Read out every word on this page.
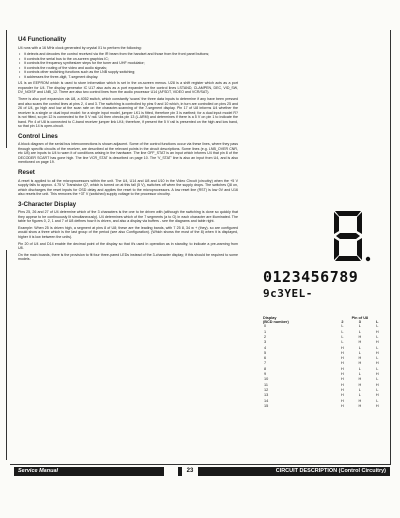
U4 Functionality

U4 runs with a 16 MHz clock generated by crystal X1 to perform the following:

• it detects and decodes the control received via the IR beam from the handset and those from the front panel buttons;
• it controls the serial bus to the on-screen graphics IC;
• it controls the frequency synthesizer steps for the tuner and UHF modulator;
• it controls the routing of the video and audio signals;
• it controls other switching functions such as the LNB supply switching;
• it addresses the three-digit, 7-segment display.

U1 is an EEPROM which is used to store information which is set in the on-screen menus. U28 is a shift register which acts as a port expander for U4. The display generator IC U17 also acts as a port expander for the control lines LSTAND, CLAMPEN, DEC, VID_SW, DV_NOISF and LNB_12. There are also two control lines from the audio processor U14 (AFSDT, VIDEO and VCR/SAT).

There is also port expansion via U8, a 4052 switch, which constantly 'scans' the three data inputs to determine if any have been pressed and also scans the control lines at pins 2, 4 and 3. The switching is controlled by pins 9 and 10 which, in turn are controlled on pins 25 and 26 of U4, go high and low at the scan rate on the character-scanning of the 7-segment display. Pin 17 of U8 informs U4 whether the receiver is a single or dual input model: for a single input model, jumper LK1 is fitted, therefore pin 3 is earthed; for a dual input model R? is not fitted, so pin 12 is connected to the 5 V rail. U4 then checks pin 13 (L.ARM) and determines if there is a 5 V on pin 1 to indicate the band. Pin 4 of U8 is connected to C-band receiver jumper link LK4; therefore, if present the 5 V rail is presented on the high and low band, so that pin 14 is open-circuit.

Control Lines

A block diagram of the serial bus interconnections is shown adjacent. Some of the control functions occur via these lines, where they pass through specific circuits of the receiver, are described at the relevant points in the circuit descriptions. Some lines (e.g. LNB_OVER CNR, etc U8) are inputs to U4 to warn it of conditions arising in the hardware. The line OFF_STAT is an input which informs U4 that pin 8 of the DECODER SCART has gone high. The line VCR_STAT is described on page 10. The 'V_STAT' line is also an input from U4, and is also mentioned on page 19.

Reset

A reset is applied to all the microprocessors within the unit. The U4, U14 and U8 and U10 in the Video Circuit (circuitry) when the +5 V supply falls to approx. 4.75 V. Transistor Q7, which is turned on at this fall (5 V), switches off when the supply drops. The switches Q8 on, which discharges the reset inputs for OSD delay and applies the reset to the microprocessors. A low reset line (RST) is low 0V and U16 also resets the unit. This removes the +3T V (switched) supply voltage to the processor circuitry.

3-Character Display

Pins 25, 26 and 27 of U4 determine which of the 3 characters is the one to be driven with (although the switching is done so quickly that they appear to be continuously lit simultaneously). U4 determines which of the 7 segments (a to G) in each character are illuminated. The table for figures 0, 2, 1 and 7 of U8 defines how it is driven, and also a display via buffers - see the diagrams and table right.

Example: When 25 is driven high, a segment at pins 8 of U8; these are the leading bands, with 7 25 8, 34 w + (they). so are configured would show a three which is the last group of the period (see also Configuration). (Which shows the most of the 8) when it is displayed, higher it is low between the units).

Pin 20 of U4 and D14 enable the decimal point of the display so that it's used in operation as in standby, to indicate a pre-warning from U8.

On the main boards, there is the provision to fit four three-pared LEDs instead of the 3-character display; if this should be required to some models.

0123456789
9c3YEL-
Display	Pin of U8		
(BCD number)	2	3	L
0	L	L	L
1	L	L	H
2	L	H	L
3	L	H	H
4	H	L	L
5	H	L	H
6	H	H	L
7	H	H	H
8	H	L	L
9	H	L	H
10	H	H	L
11	H	H	H
12	H	L	L
13	H	L	H
14	H	H	L
15	H	H	H
Service Manual	23	CIRCUIT DESCRIPTION (Control Circuitry)
